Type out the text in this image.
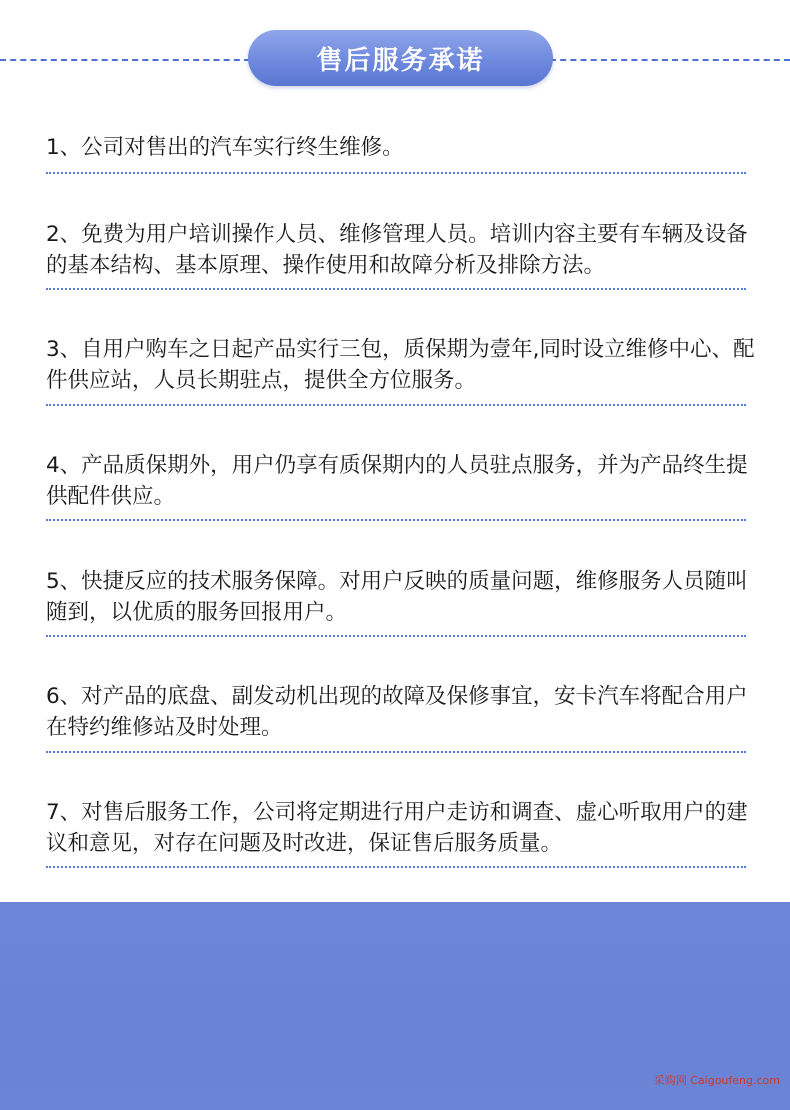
售后服务承诺
1、公司对售出的汽车实行终生维修。
2、免费为用户培训操作人员、维修管理人员。培训内容主要有车辆及设备的基本结构、基本原理、操作使用和故障分析及排除方法。
3、自用户购车之日起产品实行三包，质保期为壹年,同时设立维修中心、配件供应站，人员长期驻点，提供全方位服务。
4、产品质保期外，用户仍享有质保期内的人员驻点服务，并为产品终生提供配件供应。
5、快捷反应的技术服务保障。对用户反映的质量问题，维修服务人员随叫随到，以优质的服务回报用户。
6、对产品的底盘、副发动机出现的故障及保修事宜，安卡汽车将配合用户在特约维修站及时处理。
7、对售后服务工作，公司将定期进行用户走访和调查、虚心听取用户的建议和意见，对存在问题及时改进，保证售后服务质量。
采购网 Caigoufeng.com
